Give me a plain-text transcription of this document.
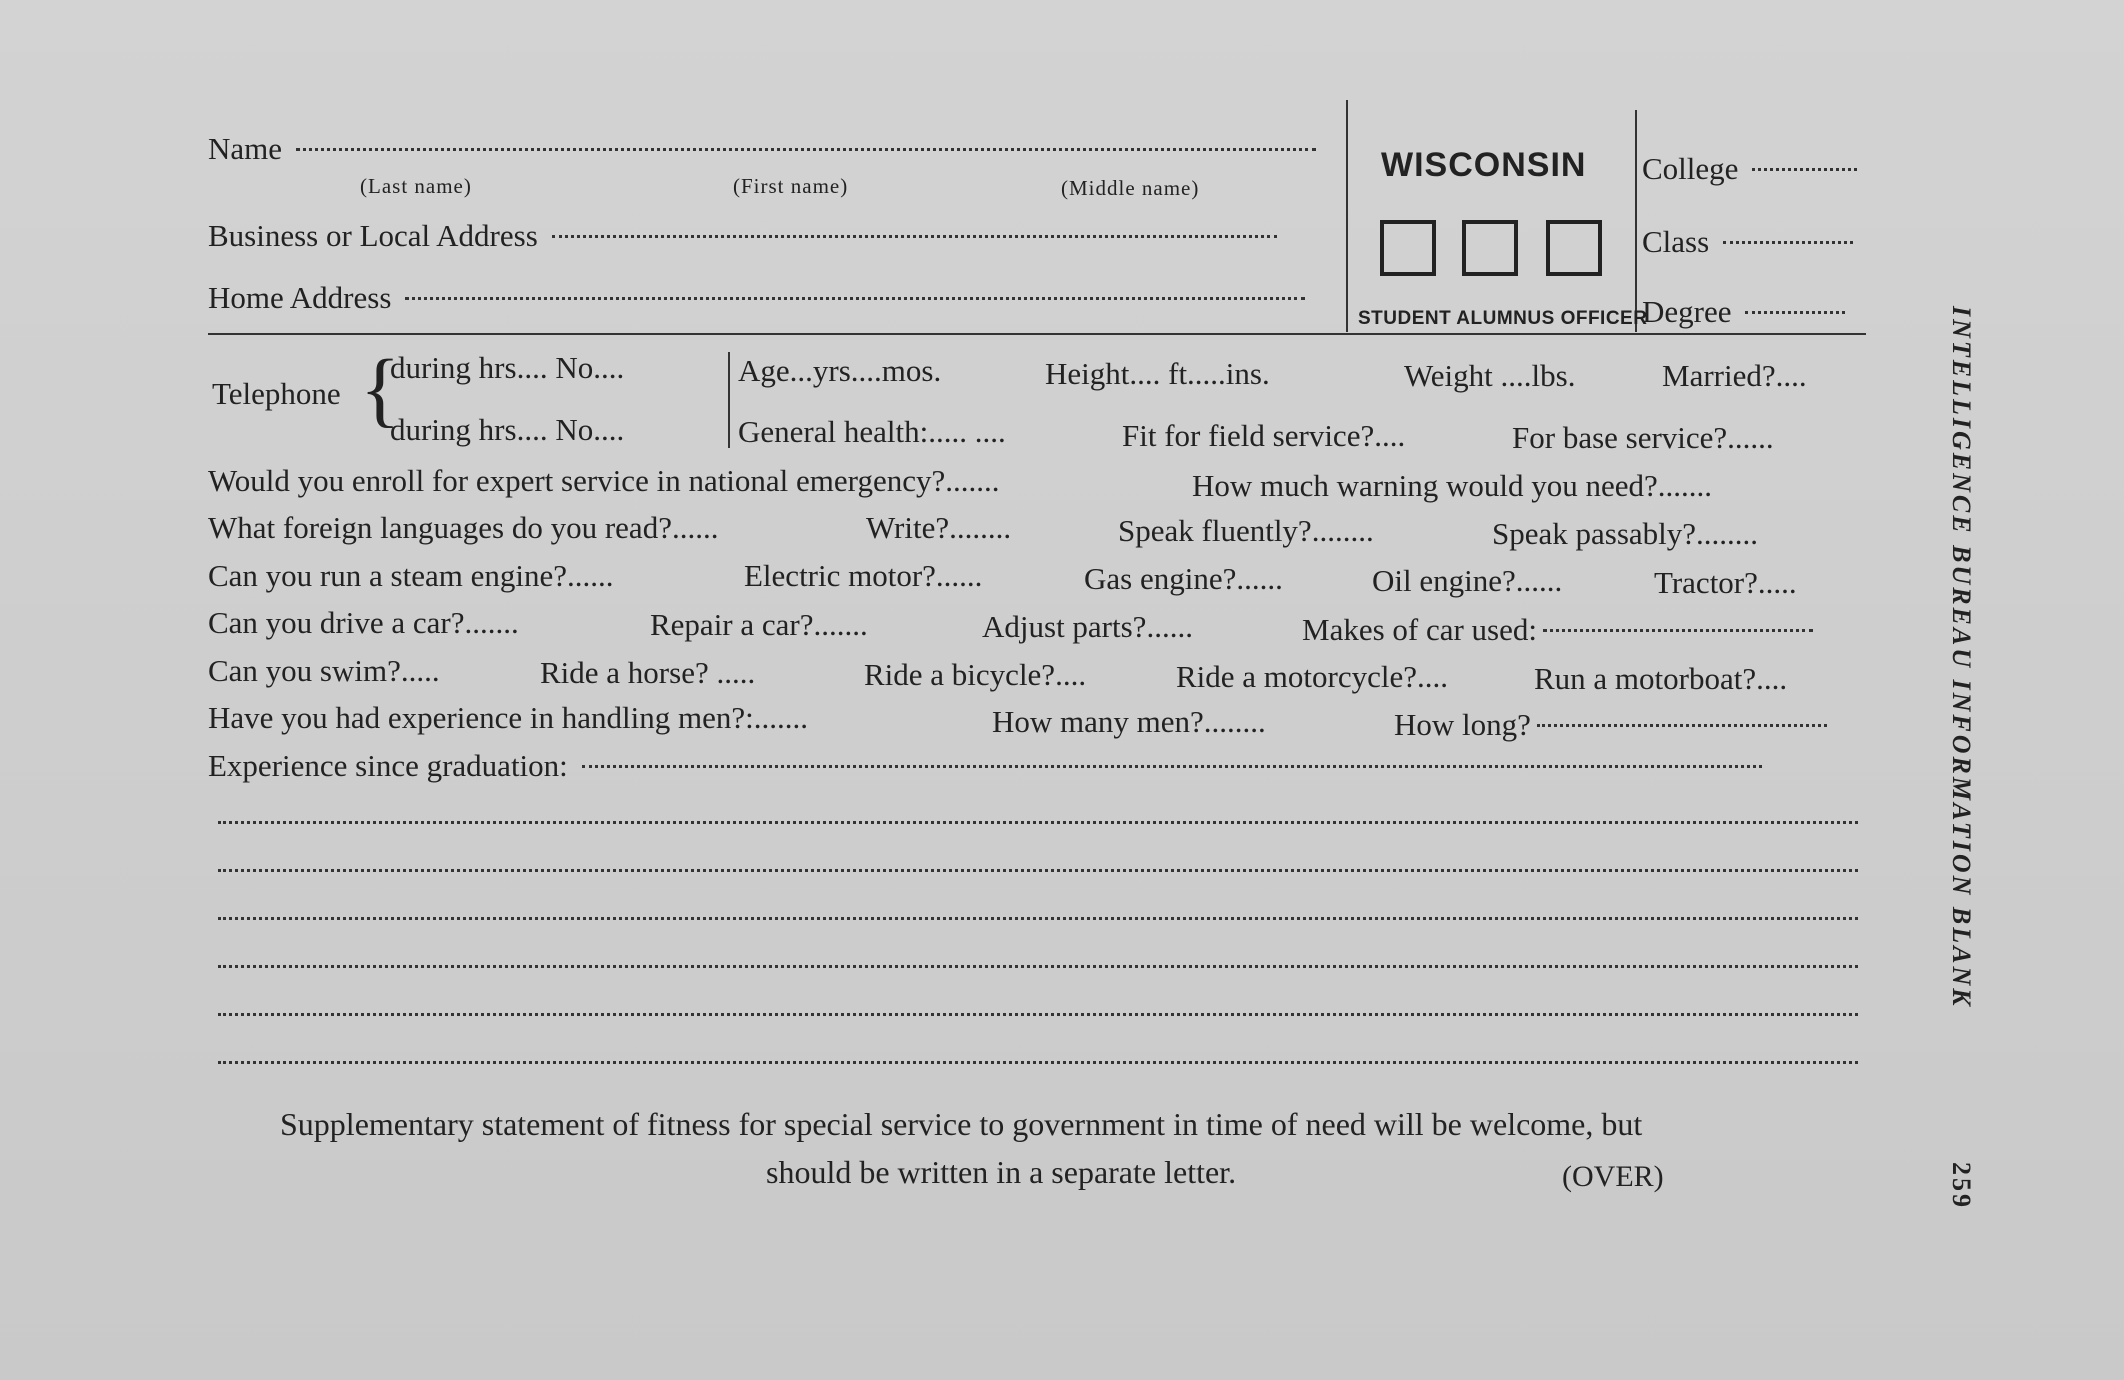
Name
(Last name)	(First name)	(Middle name)
Business or Local Address
Home Address
WISCONSIN
STUDENT ALUMNUS OFFICER
College
Class
Degree
Telephone {
during hrs.... No....
during hrs.... No....
Age...yrs....mos.	Height.... ft.....ins.	Weight ....lbs.	Married?....
General health:..... ....	Fit for field service?....	For base service?......
Would you enroll for expert service in national emergency?.......	How much warning would you need?.......
What foreign languages do you read?......	Write?........	Speak fluently?........	Speak passably?........
Can you run a steam engine?......	Electric motor?......	Gas engine?......	Oil engine?......	Tractor?.....
Can you drive a car?.......	Repair a car?.......	Adjust parts?......	Makes of car used:
Can you swim?.....	Ride a horse? .....	Ride a bicycle?....	Ride a motorcycle?....	Run a motorboat?....
Have you had experience in handling men?:.......	How many men?........	How long?
Experience since graduation:
Supplementary statement of fitness for special service to government in time of need will be welcome, but
should be written in a separate letter.	(OVER)
INTELLIGENCE BUREAU INFORMATION BLANK
259
